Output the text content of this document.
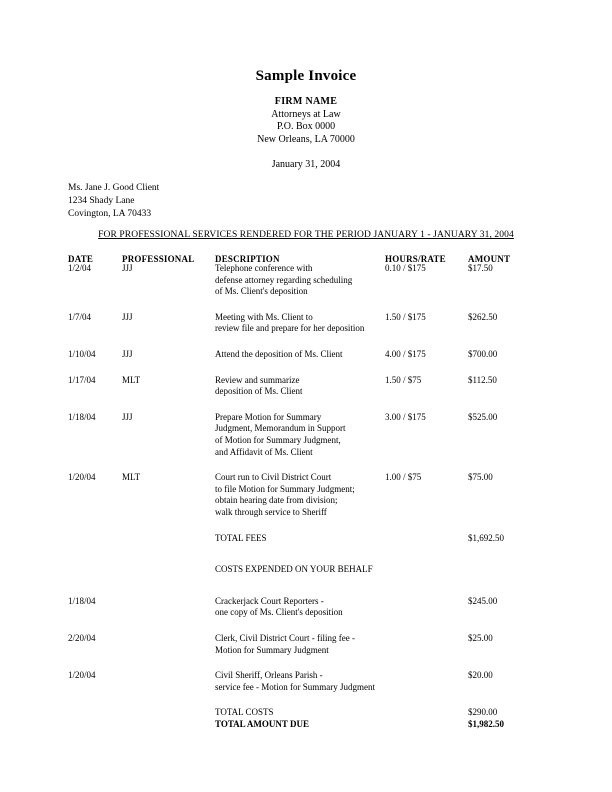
Sample Invoice
FIRM NAME
Attorneys at Law
P.O. Box 0000
New Orleans, LA 70000
January 31, 2004
Ms. Jane J. Good Client
1234 Shady Lane
Covington, LA 70433
FOR PROFESSIONAL SERVICES RENDERED FOR THE PERIOD JANUARY 1 - JANUARY 31, 2004
DATE	PROFESSIONAL	DESCRIPTION	HOURS/RATE	AMOUNT
1/2/04	JJJ	Telephone conference with
defense attorney regarding scheduling
of Ms. Client's deposition
0.10 / $175	$17.50
1/7/04	JJJ	Meeting with Ms. Client to
review file and prepare for her deposition
1.50 / $175	$262.50
1/10/04	JJJ	Attend the deposition of Ms. Client	4.00 / $175	$700.00
1/17/04	MLT	Review and summarize
deposition of Ms. Client
1.50 / $75	$112.50
1/18/04	JJJ	Prepare Motion for Summary
Judgment, Memorandum in Support
of Motion for Summary Judgment,
and Affidavit of Ms. Client
3.00 / $175	$525.00
1/20/04	MLT	Court run to Civil District Court
to file Motion for Summary Judgment;
obtain hearing date from division;
walk through service to Sheriff
1.00 / $75	$75.00
TOTAL FEES	$1,692.50
COSTS EXPENDED ON YOUR BEHALF
1/18/04	Crackerjack Court Reporters -
one copy of Ms. Client's deposition
$245.00
2/20/04	Clerk, Civil District Court - filing fee -
Motion for Summary Judgment
$25.00
1/20/04	Civil Sheriff, Orleans Parish -
service fee - Motion for Summary Judgment
$20.00
TOTAL COSTS	$290.00
TOTAL AMOUNT DUE	$1,982.50
